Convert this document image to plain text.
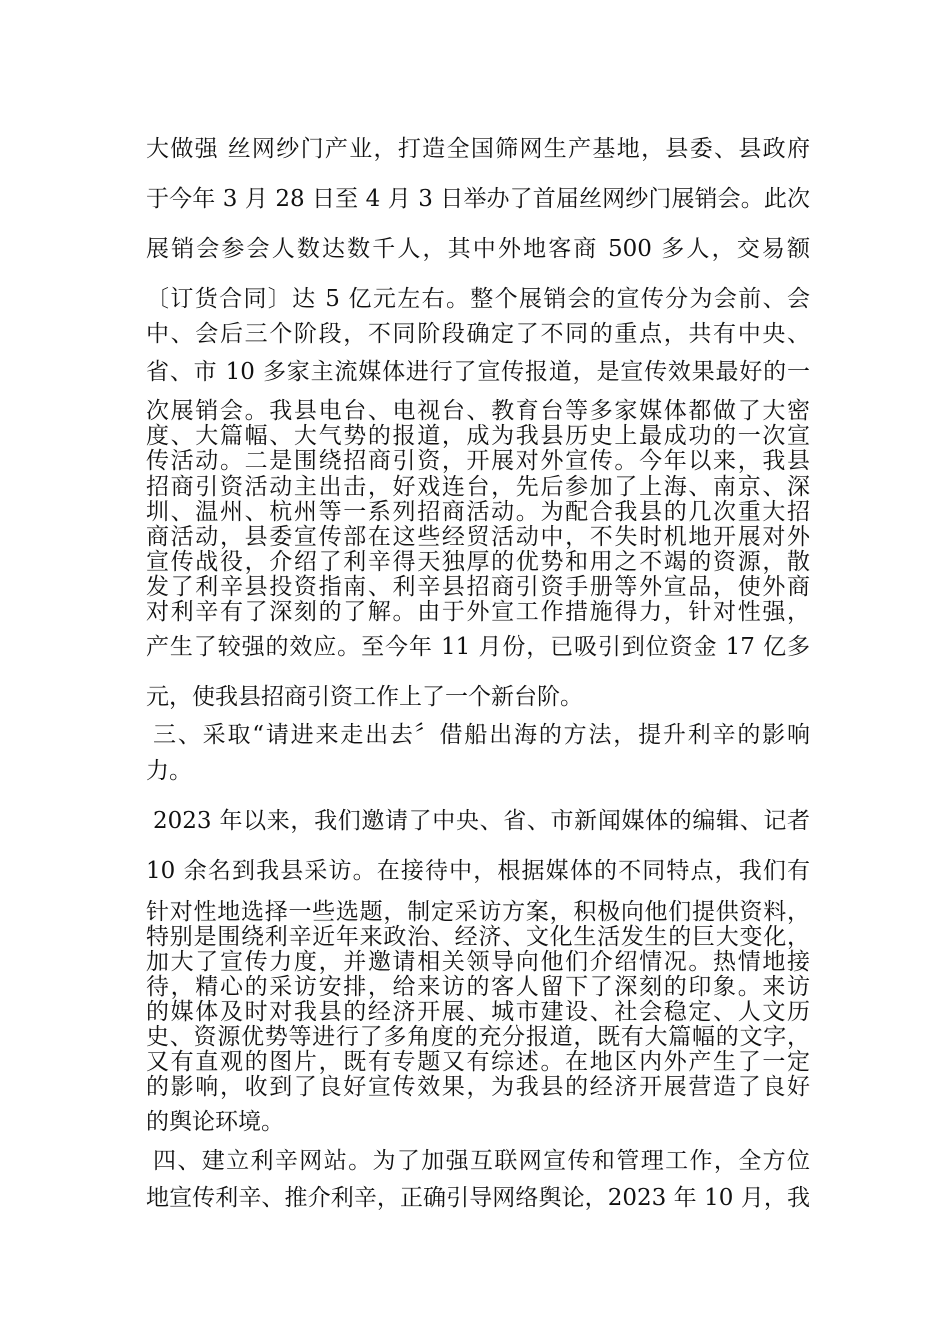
大做强 丝网纱门产业，打造全国筛网生产基地，县委、县政府
于今年 3 月 28 日至 4 月 3 日举办了首届丝网纱门展销会。此次
展销会参会人数达数千人，其中外地客商 500 多人，交易额
〔订货合同〕达 5 亿元左右。整个展销会的宣传分为会前、会
中、会后三个阶段，不同阶段确定了不同的重点，共有中央、
省、市 10 多家主流媒体进行了宣传报道，是宣传效果最好的一
次展销会。我县电台、电视台、教育台等多家媒体都做了大密
度、大篇幅、大气势的报道，成为我县历史上最成功的一次宣
传活动。二是围绕招商引资，开展对外宣传。今年以来，我县
招商引资活动主出击，好戏连台，先后参加了上海、南京、深
圳、温州、杭州等一系列招商活动。为配合我县的几次重大招
商活动，县委宣传部在这些经贸活动中，不失时机地开展对外
宣传战役，介绍了利辛得天独厚的优势和用之不竭的资源，散
发了利辛县投资指南、利辛县招商引资手册等外宣品，使外商
对利辛有了深刻的了解。由于外宣工作措施得力，针对性强，
产生了较强的效应。至今年 11 月份，已吸引到位资金 17 亿多
元，使我县招商引资工作上了一个新台阶。
三、采取“请进来走出去〞借船出海的方法，提升利辛的影响
力。
2023 年以来，我们邀请了中央、省、市新闻媒体的编辑、记者
10 余名到我县采访。在接待中，根据媒体的不同特点，我们有
针对性地选择一些选题，制定采访方案，积极向他们提供资料，
特别是围绕利辛近年来政治、经济、文化生活发生的巨大变化，
加大了宣传力度，并邀请相关领导向他们介绍情况。热情地接
待，精心的采访安排，给来访的客人留下了深刻的印象。来访
的媒体及时对我县的经济开展、城市建设、社会稳定、人文历
史、资源优势等进行了多角度的充分报道，既有大篇幅的文字，
又有直观的图片，既有专题又有综述。在地区内外产生了一定
的影响，收到了良好宣传效果，为我县的经济开展营造了良好
的舆论环境。
四、建立利辛网站。为了加强互联网宣传和管理工作，全方位
地宣传利辛、推介利辛，正确引导网络舆论，2023 年 10 月，我
